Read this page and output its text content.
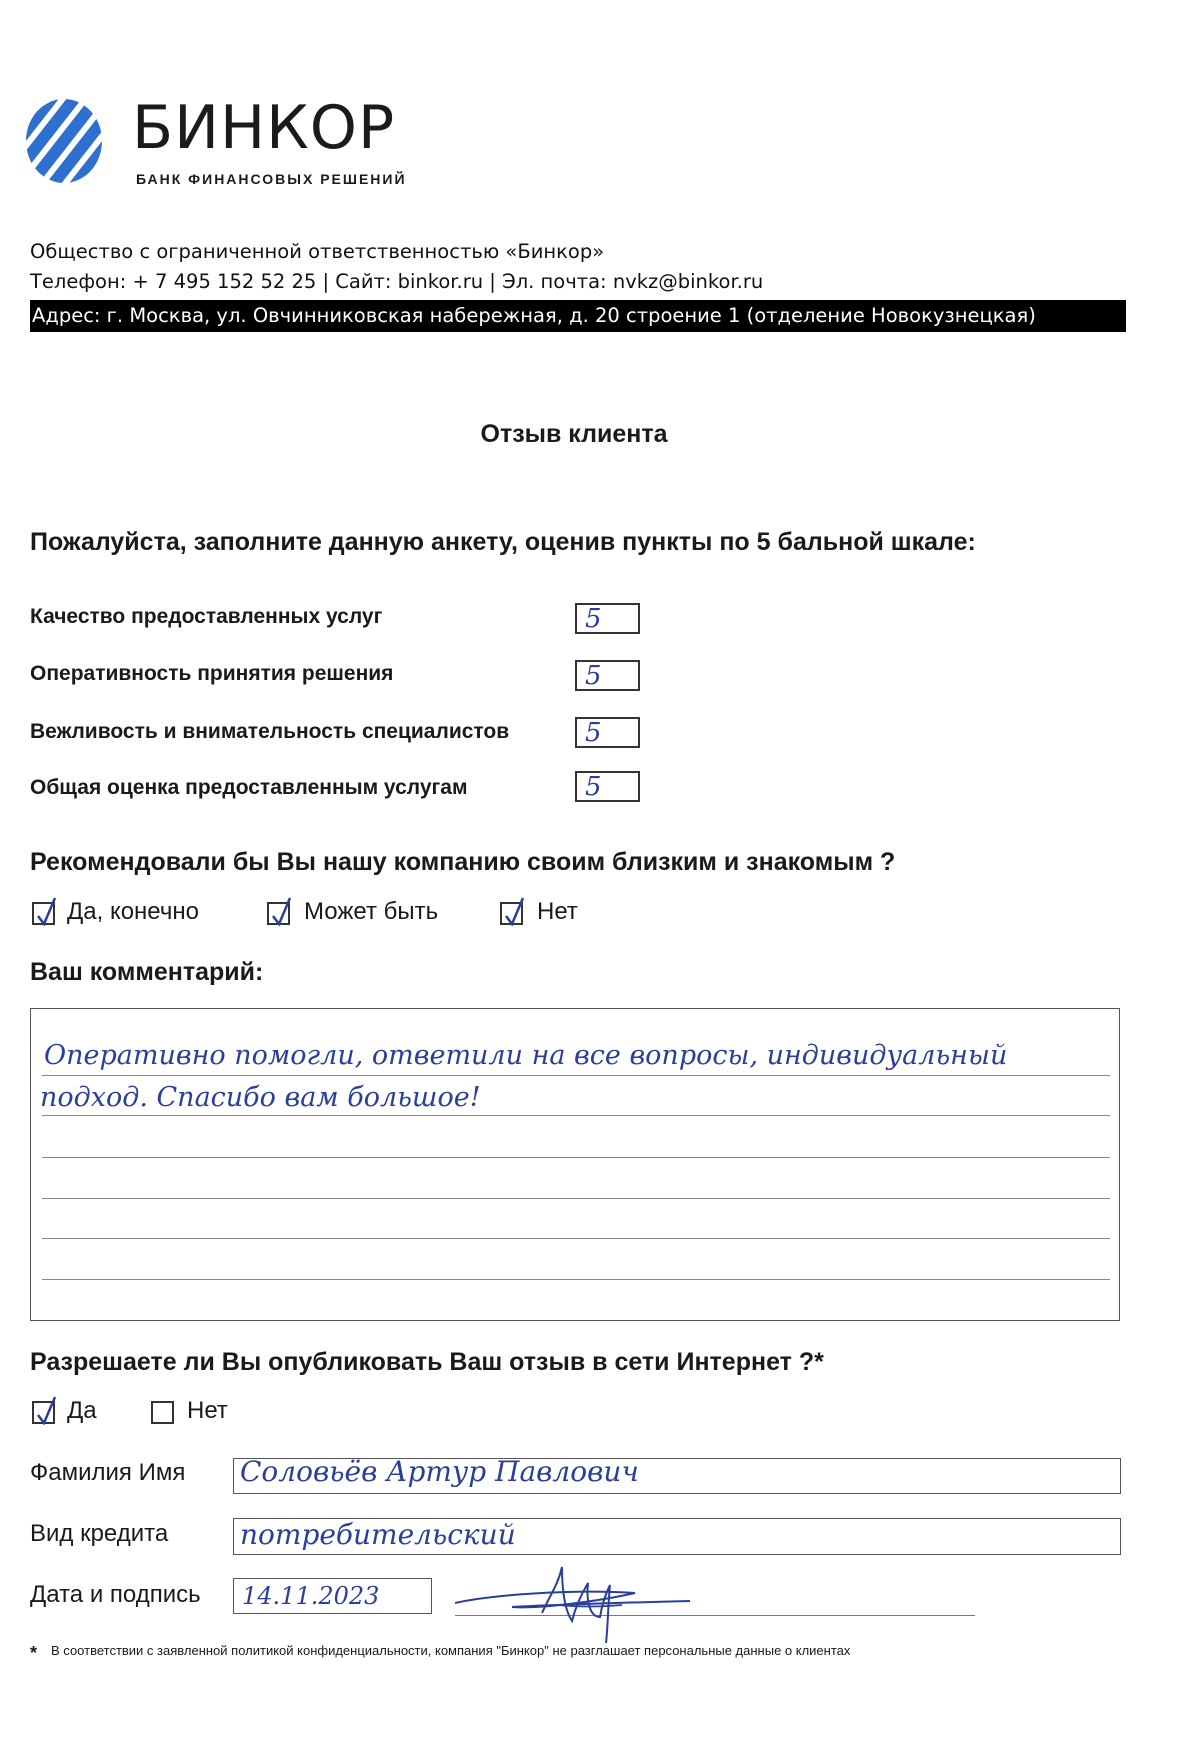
БИНКОР
БАНК ФИНАНСОВЫХ РЕШЕНИЙ
Общество с ограниченной ответственностью «Бинкор»
Телефон: + 7 495 152 52 25 | Сайт: binkor.ru | Эл. почта: nvkz@binkor.ru
Адрес: г. Москва, ул. Овчинниковская набережная, д. 20 строение 1 (отделение Новокузнецкая)
Отзыв клиента
Пожалуйста, заполните данную анкету, оценив пункты по 5 бальной шкале:
Качество предоставленных услуг	5
Оперативность принятия решения	5
Вежливость и внимательность специалистов	5
Общая оценка предоставленным услугам	5
Рекомендовали бы Вы нашу компанию своим близким и знакомым ?
Да, конечно	Может быть	Нет
Ваш комментарий:
Оперативно помогли, ответили на все вопросы, индивидуальный
подход. Спасибо вам большое!
Разрешаете ли Вы опубликовать Ваш отзыв в сети Интернет ?*
Да	Нет
Фамилия Имя Соловьёв Артур Павлович
Вид кредита	потребительский
Дата и подпись 14.11.2023
* В соответствии с заявленной политикой конфиденциальности, компания "Бинкор" не разглашает персональные данные о клиентах
